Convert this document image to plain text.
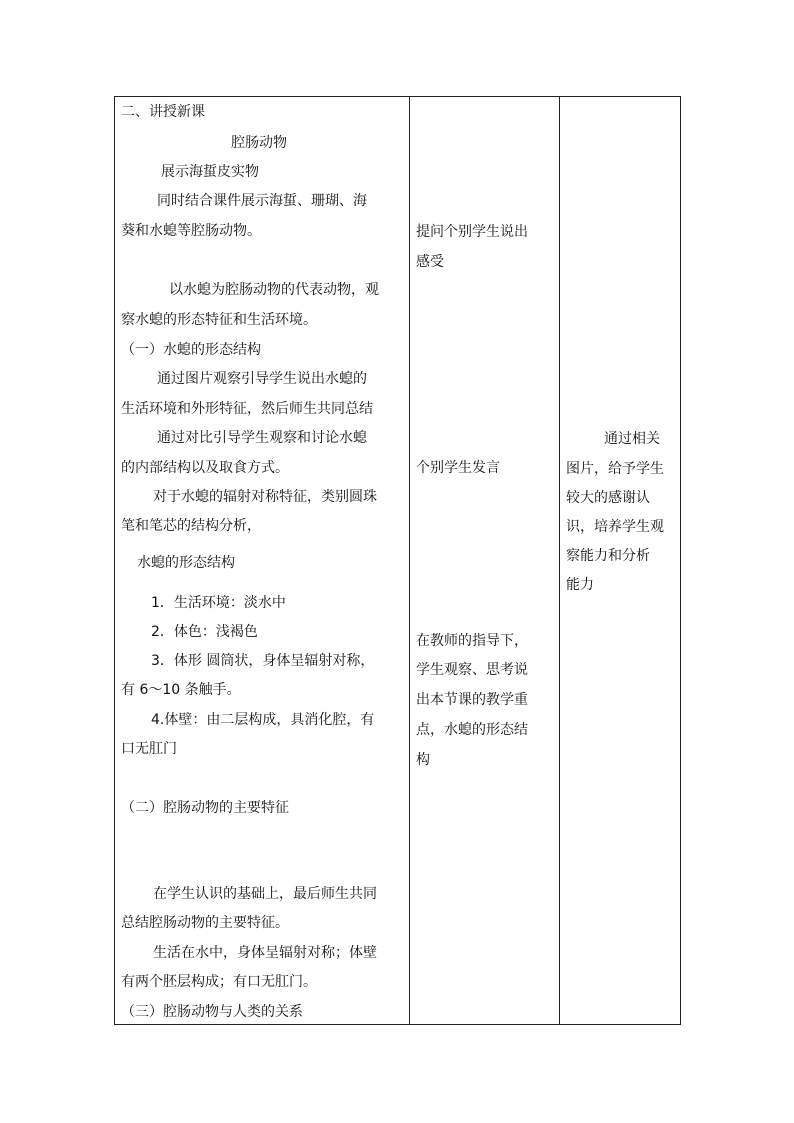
二、讲授新课
腔肠动物
展示海蜇皮实物
同时结合课件展示海蜇、珊瑚、海
葵和水螅等腔肠动物。
以水螅为腔肠动物的代表动物，观
察水螅的形态特征和生活环境。
（一）水螅的形态结构
通过图片观察引导学生说出水螅的
生活环境和外形特征，然后师生共同总结
通过对比引导学生观察和讨论水螅
的内部结构以及取食方式。
对于水螅的辐射对称特征，类别圆珠
笔和笔芯的结构分析，
水螅的形态结构
1．生活环境：淡水中
2．体色：浅褐色
3．体形 圆筒状，身体呈辐射对称，
有 6～10 条触手。
4.体壁：由二层构成，具消化腔，有
口无肛门
（二）腔肠动物的主要特征
在学生认识的基础上，最后师生共同
总结腔肠动物的主要特征。
生活在水中，身体呈辐射对称；体壁
有两个胚层构成；有口无肛门。
（三）腔肠动物与人类的关系
提问个别学生说出
感受
个别学生发言
在教师的指导下，
学生观察、思考说
出本节课的教学重
点，水螅的形态结
构
通过相关
图片，给予学生
较大的感谢认
识，培养学生观
察能力和分析
能力
